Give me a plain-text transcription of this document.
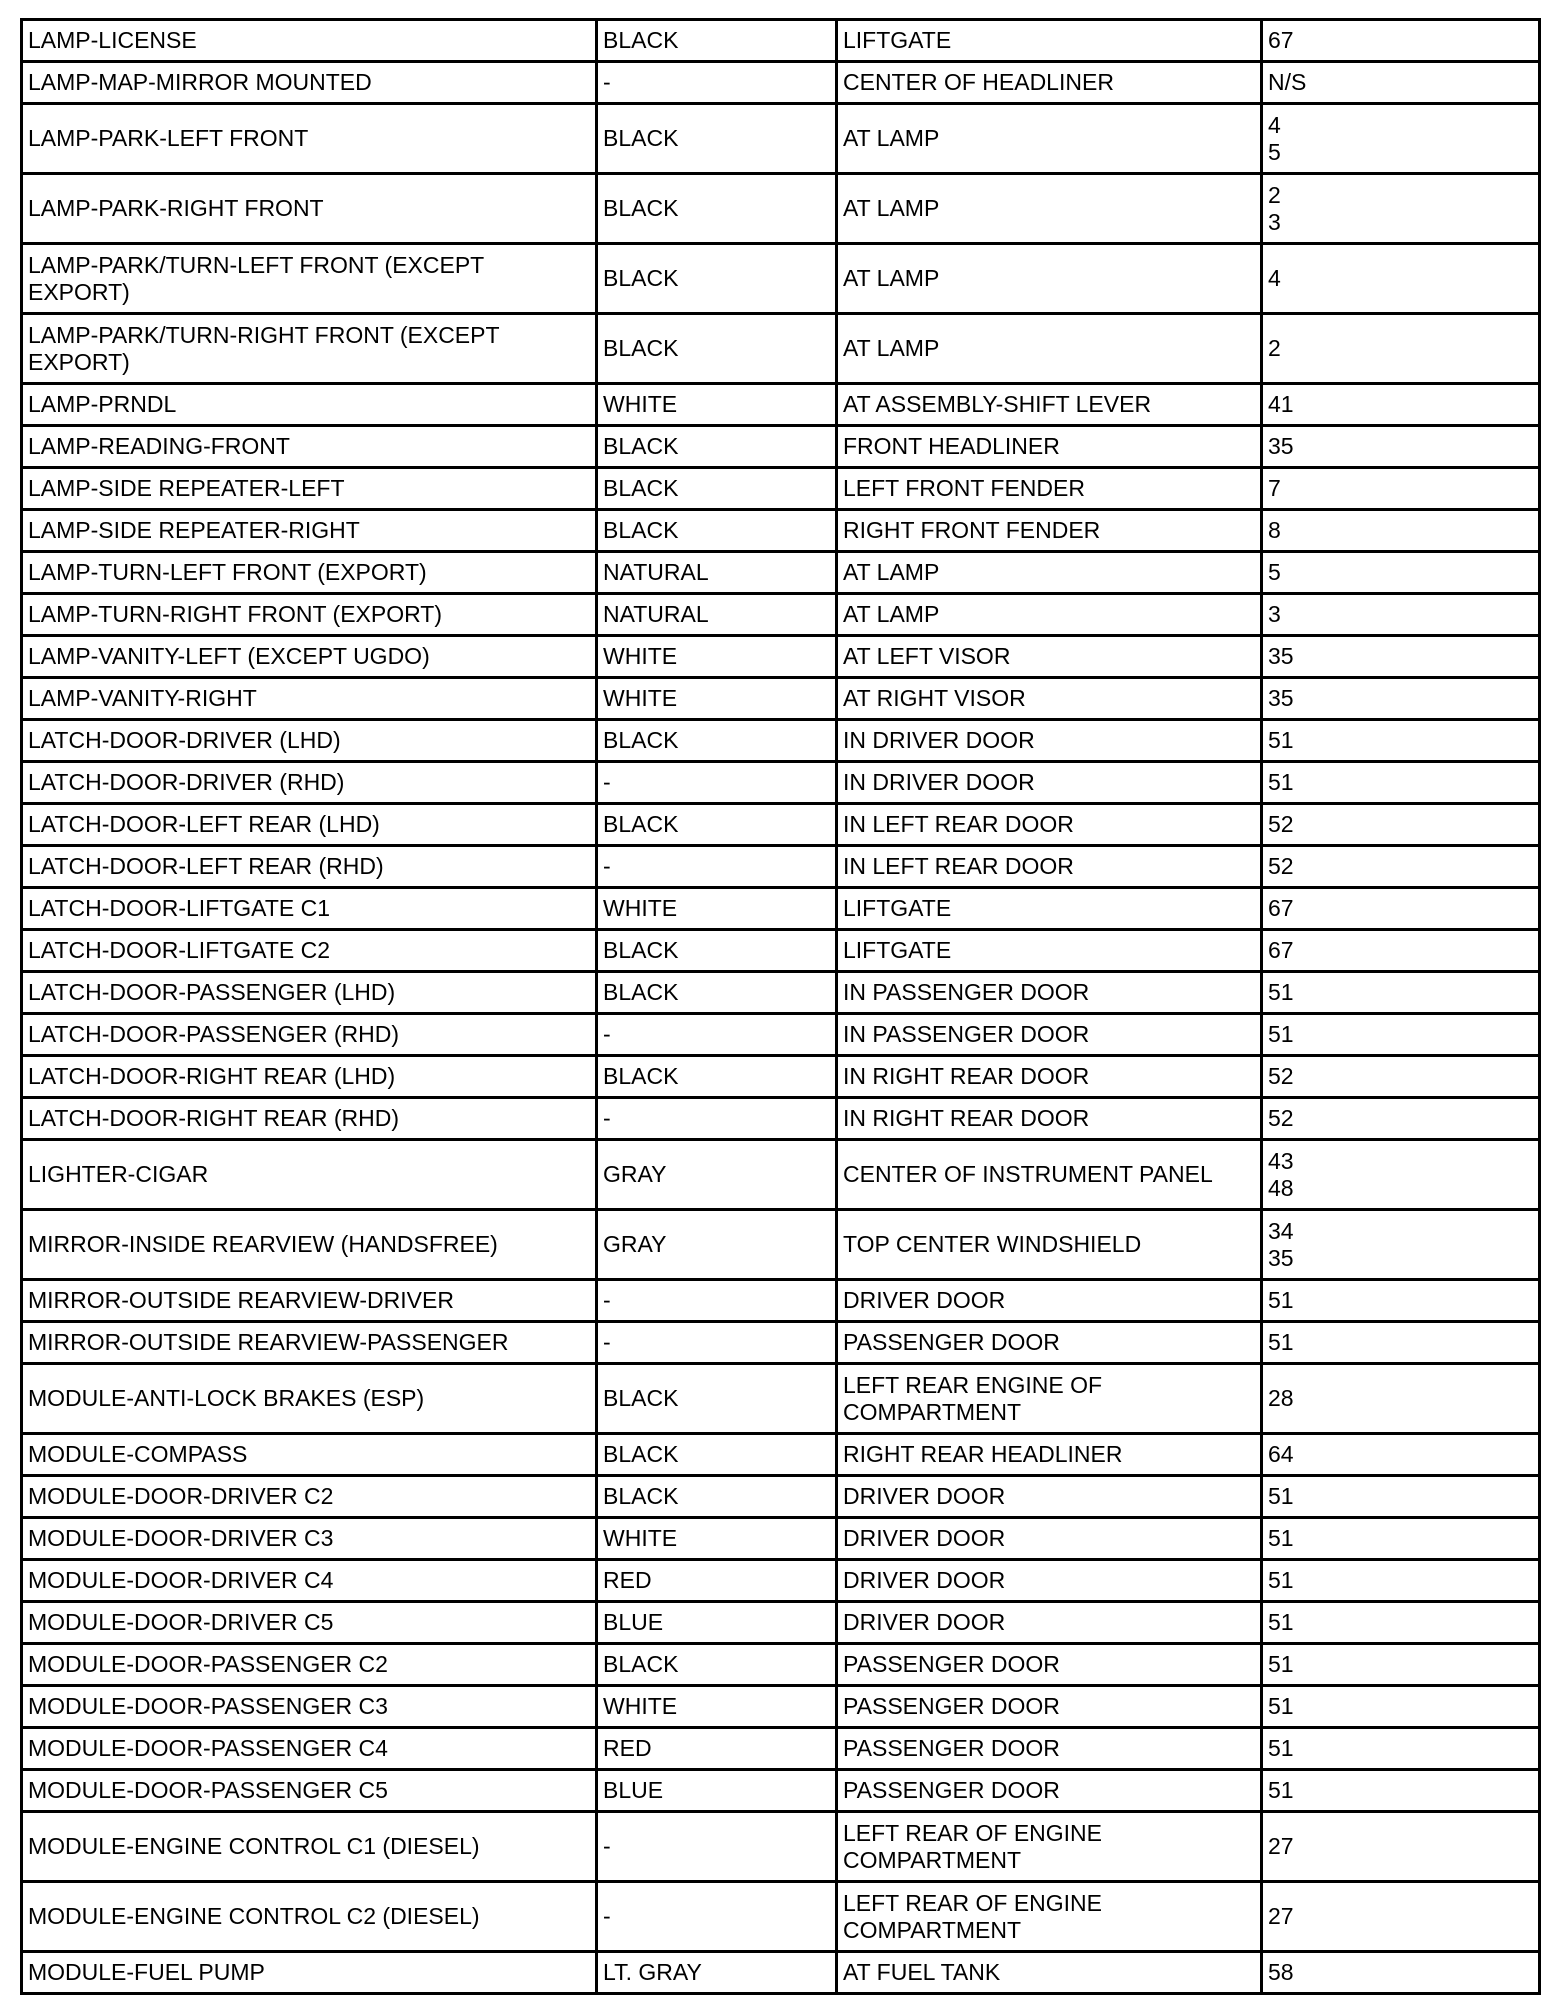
LAMP-LICENSE	BLACK	LIFTGATE	67
LAMP-MAP-MIRROR MOUNTED	-	CENTER OF HEADLINER	N/S
LAMP-PARK-LEFT FRONT	BLACK	AT LAMP	4
5
LAMP-PARK-RIGHT FRONT	BLACK	AT LAMP	2
3
LAMP-PARK/TURN-LEFT FRONT (EXCEPT EXPORT)	BLACK	AT LAMP	4
LAMP-PARK/TURN-RIGHT FRONT (EXCEPT EXPORT)	BLACK	AT LAMP	2
LAMP-PRNDL	WHITE	AT ASSEMBLY-SHIFT LEVER	41
LAMP-READING-FRONT	BLACK	FRONT HEADLINER	35
LAMP-SIDE REPEATER-LEFT	BLACK	LEFT FRONT FENDER	7
LAMP-SIDE REPEATER-RIGHT	BLACK	RIGHT FRONT FENDER	8
LAMP-TURN-LEFT FRONT (EXPORT)	NATURAL	AT LAMP	5
LAMP-TURN-RIGHT FRONT (EXPORT)	NATURAL	AT LAMP	3
LAMP-VANITY-LEFT (EXCEPT UGDO)	WHITE	AT LEFT VISOR	35
LAMP-VANITY-RIGHT	WHITE	AT RIGHT VISOR	35
LATCH-DOOR-DRIVER (LHD)	BLACK	IN DRIVER DOOR	51
LATCH-DOOR-DRIVER (RHD)	-	IN DRIVER DOOR	51
LATCH-DOOR-LEFT REAR (LHD)	BLACK	IN LEFT REAR DOOR	52
LATCH-DOOR-LEFT REAR (RHD)	-	IN LEFT REAR DOOR	52
LATCH-DOOR-LIFTGATE C1	WHITE	LIFTGATE	67
LATCH-DOOR-LIFTGATE C2	BLACK	LIFTGATE	67
LATCH-DOOR-PASSENGER (LHD)	BLACK	IN PASSENGER DOOR	51
LATCH-DOOR-PASSENGER (RHD)	-	IN PASSENGER DOOR	51
LATCH-DOOR-RIGHT REAR (LHD)	BLACK	IN RIGHT REAR DOOR	52
LATCH-DOOR-RIGHT REAR (RHD)	-	IN RIGHT REAR DOOR	52
LIGHTER-CIGAR	GRAY	CENTER OF INSTRUMENT PANEL	43
48
MIRROR-INSIDE REARVIEW (HANDSFREE)	GRAY	TOP CENTER WINDSHIELD	34
35
MIRROR-OUTSIDE REARVIEW-DRIVER	-	DRIVER DOOR	51
MIRROR-OUTSIDE REARVIEW-PASSENGER	-	PASSENGER DOOR	51
MODULE-ANTI-LOCK BRAKES (ESP)	BLACK	LEFT REAR ENGINE OF COMPARTMENT	28
MODULE-COMPASS	BLACK	RIGHT REAR HEADLINER	64
MODULE-DOOR-DRIVER C2	BLACK	DRIVER DOOR	51
MODULE-DOOR-DRIVER C3	WHITE	DRIVER DOOR	51
MODULE-DOOR-DRIVER C4	RED	DRIVER DOOR	51
MODULE-DOOR-DRIVER C5	BLUE	DRIVER DOOR	51
MODULE-DOOR-PASSENGER C2	BLACK	PASSENGER DOOR	51
MODULE-DOOR-PASSENGER C3	WHITE	PASSENGER DOOR	51
MODULE-DOOR-PASSENGER C4	RED	PASSENGER DOOR	51
MODULE-DOOR-PASSENGER C5	BLUE	PASSENGER DOOR	51
MODULE-ENGINE CONTROL C1 (DIESEL)	-	LEFT REAR OF ENGINE COMPARTMENT	27
MODULE-ENGINE CONTROL C2 (DIESEL)	-	LEFT REAR OF ENGINE COMPARTMENT	27
MODULE-FUEL PUMP	LT. GRAY	AT FUEL TANK	58
